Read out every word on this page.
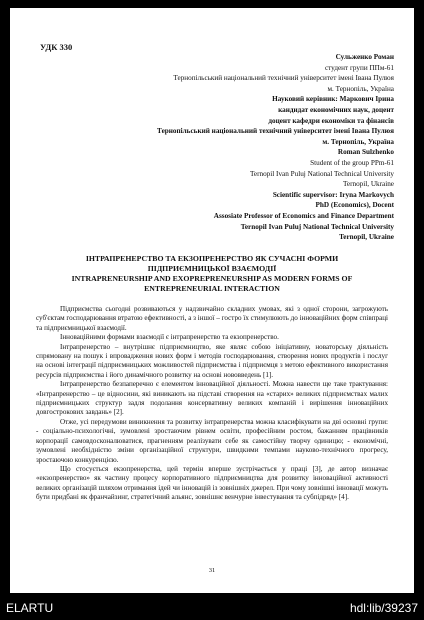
УДК 330
Сульженко Роман
студент групи ППм-61
Тернопільський національний технічний університет імені Івана Пулюя
м. Тернопіль, Україна
Науковий керівник: Маркович Ірина
кандидат економічних наук, доцент
доцент кафедри економіки та фінансів
Тернопільський національний технічний університет імені Івана Пулюя
м. Тернопіль, Україна
Roman Sulzhenko
Student of the group PPm-61
Ternopil Ivan Puluj National Technical University
Ternopil, Ukraine
Scientific supervisor: Iryna Markovych
PhD (Economics), Docent
Assosiate Professor of Economics and Finance Department
Ternopil Ivan Puluj National Technical University
Ternopil, Ukraine
ІНТРАПРЕНЕРСТВО ТА ЕКЗОПРЕНЕРСТВО ЯК СУЧАСНІ ФОРМИ
ПІДПРИЄМНИЦЬКОЇ ВЗАЄМОДІЇ
INTRAPRENEURSHIP AND EXOPREPRENEURSHIP AS MODERN FORMS OF
ENTREPRENEURIAL INTERACTION

Підприємства сьогодні розвиваються у надзвичайно складних умовах, які з одної сторони, загрожують суб'єктам господарювання втратою ефективності, а з іншої – гостро їх стимулюють до інноваційних форм співпраці та підприємницької взаємодії.

Інноваційними формами взаємодії є інтрапренерство та екзопренерство.

Інтрапренерство – внутрішнє підприємництво, яке являє собою ініціативну, новаторську діяльність спрямовану на пошук і впровадження нових форм і методів господарювання, створення нових продуктів і послуг на основі інтеграції підприємницьких можливостей підприємства і підприємця з метою ефективного використання ресурсів підприємства і його динамічного розвитку на основі нововведень [1].

Інтрапренерство безпаперечно є елементом інноваційної діяльності. Можна навести ще таке трактування: «Інтрапренерство – це відносини, які виникають на підставі створення на «старих» великих підприємствах малих підприємницьких структур задля подолання консервативну великих компаній і вирішення інноваційних довгострокових завдань» [2].

Отже, усі передумови виникнення та розвитку інтрапренерства можна класифікувати на дві основні групи: - соціально-психологічні, зумовлені зростаючим рівнем освіти, професійним ростом, бажанням працівників корпорації самовдосконалюватися, прагненням реалізувати себе як самостійну творчу одиницю; - економічні, зумовлені необхідністю зміни організаційної структури, швидкими темпами науково-технічного прогресу, зростаючою конкуренцією.

Що стосується екзопренерства, цей термін вперше зустрічається у праці [3], де автор визначає «екзопренерство» як частину процесу корпоративного підприємництва для розвитку інноваційної активності великих організацій шляхом отримання ідей чи інновацій із зовнішніх джерел. При чому зовнішні інновації можуть бути придбані як франчайзинг, стратегічний альянс, зовнішнє венчурне інвестування та субпідряд» [4].

31
ELARTU	hdl:lib/39237
